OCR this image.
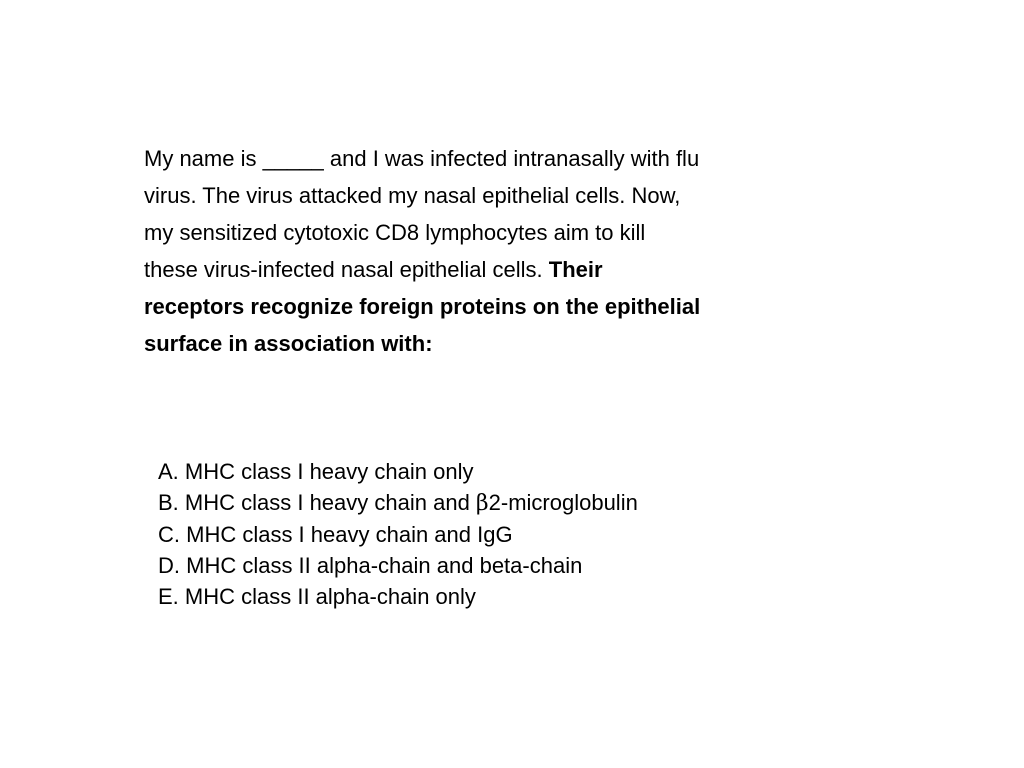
My name is _____ and I was infected intranasally with flu
virus. The virus attacked my nasal epithelial cells. Now,
my sensitized cytotoxic CD8 lymphocytes aim to kill
these virus-infected nasal epithelial cells. Their
receptors recognize foreign proteins on the epithelial
surface in association with:
A. MHC class I heavy chain only
B. MHC class I heavy chain and β2-microglobulin
C. MHC class I heavy chain and IgG
D. MHC class II alpha-chain and beta-chain
E. MHC class II alpha-chain only
